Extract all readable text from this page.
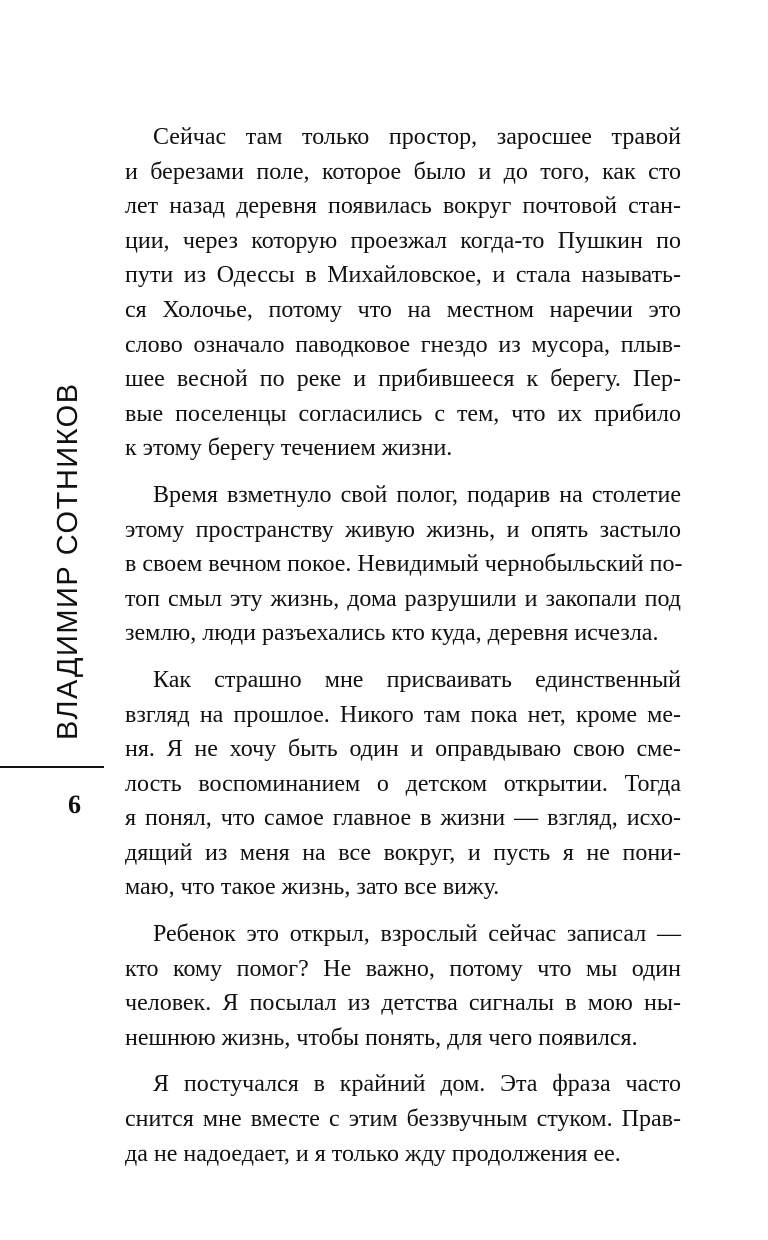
ВЛАДИМИР СОТНИКОВ
6

Сейчас там только простор, заросшее травой
и березами поле, которое было и до того, как сто
лет назад деревня появилась вокруг почтовой стан-
ции, через которую проезжал когда-то Пушкин по
пути из Одессы в Михайловское, и стала называть-
ся Холочье, потому что на местном наречии это
слово означало паводковое гнездо из мусора, плыв-
шее весной по реке и прибившееся к берегу. Пер-
вые поселенцы согласились с тем, что их прибило
к этому берегу течением жизни.

Время взметнуло свой полог, подарив на столетие
этому пространству живую жизнь, и опять застыло
в своем вечном покое. Невидимый чернобыльский по-
топ смыл эту жизнь, дома разрушили и закопали под
землю, люди разъехались кто куда, деревня исчезла.

Как страшно мне присваивать единственный
взгляд на прошлое. Никого там пока нет, кроме ме-
ня. Я не хочу быть один и оправдываю свою сме-
лость воспоминанием о детском открытии. Тогда
я понял, что самое главное в жизни — взгляд, исхо-
дящий из меня на все вокруг, и пусть я не пони-
маю, что такое жизнь, зато все вижу.

Ребенок это открыл, взрослый сейчас записал —
кто кому помог? Не важно, потому что мы один
человек. Я посылал из детства сигналы в мою ны-
нешнюю жизнь, чтобы понять, для чего появился.

Я постучался в крайний дом. Эта фраза часто
снится мне вместе с этим беззвучным стуком. Прав-
да не надоедает, и я только жду продолжения ее.
